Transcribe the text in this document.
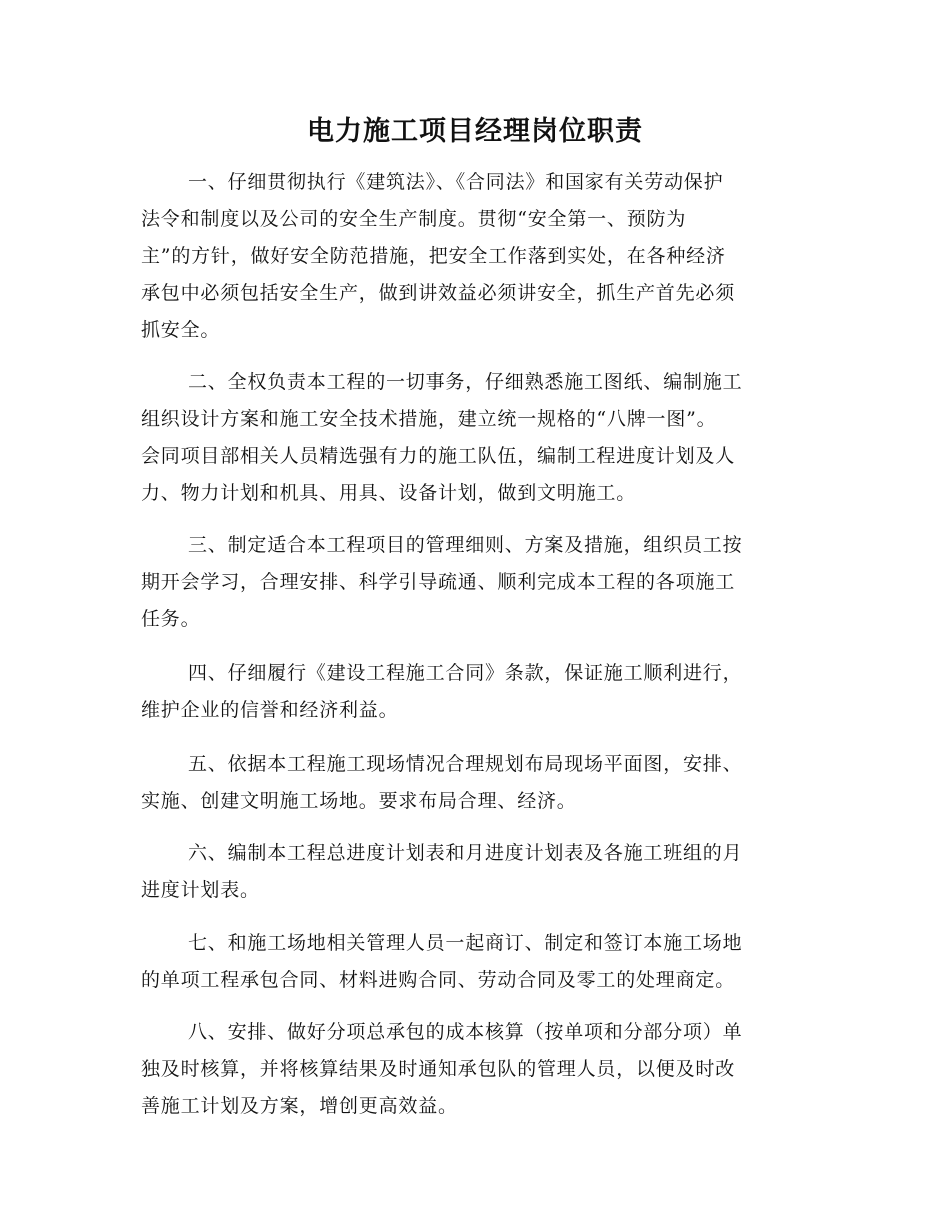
电力施工项目经理岗位职责
一、仔细贯彻执行《建筑法》、《合同法》和国家有关劳动保护
法令和制度以及公司的安全生产制度。贯彻“安全第一、预防为
主”的方针，做好安全防范措施，把安全工作落到实处，在各种经济
承包中必须包括安全生产，做到讲效益必须讲安全，抓生产首先必须
抓安全。
二、全权负责本工程的一切事务，仔细熟悉施工图纸、编制施工
组织设计方案和施工安全技术措施，建立统一规格的“八牌一图”。
会同项目部相关人员精选强有力的施工队伍，编制工程进度计划及人
力、物力计划和机具、用具、设备计划，做到文明施工。
三、制定适合本工程项目的管理细则、方案及措施，组织员工按
期开会学习，合理安排、科学引导疏通、顺利完成本工程的各项施工
任务。
四、仔细履行《建设工程施工合同》条款，保证施工顺利进行，
维护企业的信誉和经济利益。
五、依据本工程施工现场情况合理规划布局现场平面图，安排、
实施、创建文明施工场地。要求布局合理、经济。
六、编制本工程总进度计划表和月进度计划表及各施工班组的月
进度计划表。
七、和施工场地相关管理人员一起商订、制定和签订本施工场地
的单项工程承包合同、材料进购合同、劳动合同及零工的处理商定。
八、安排、做好分项总承包的成本核算（按单项和分部分项）单
独及时核算，并将核算结果及时通知承包队的管理人员，以便及时改
善施工计划及方案，增创更高效益。
